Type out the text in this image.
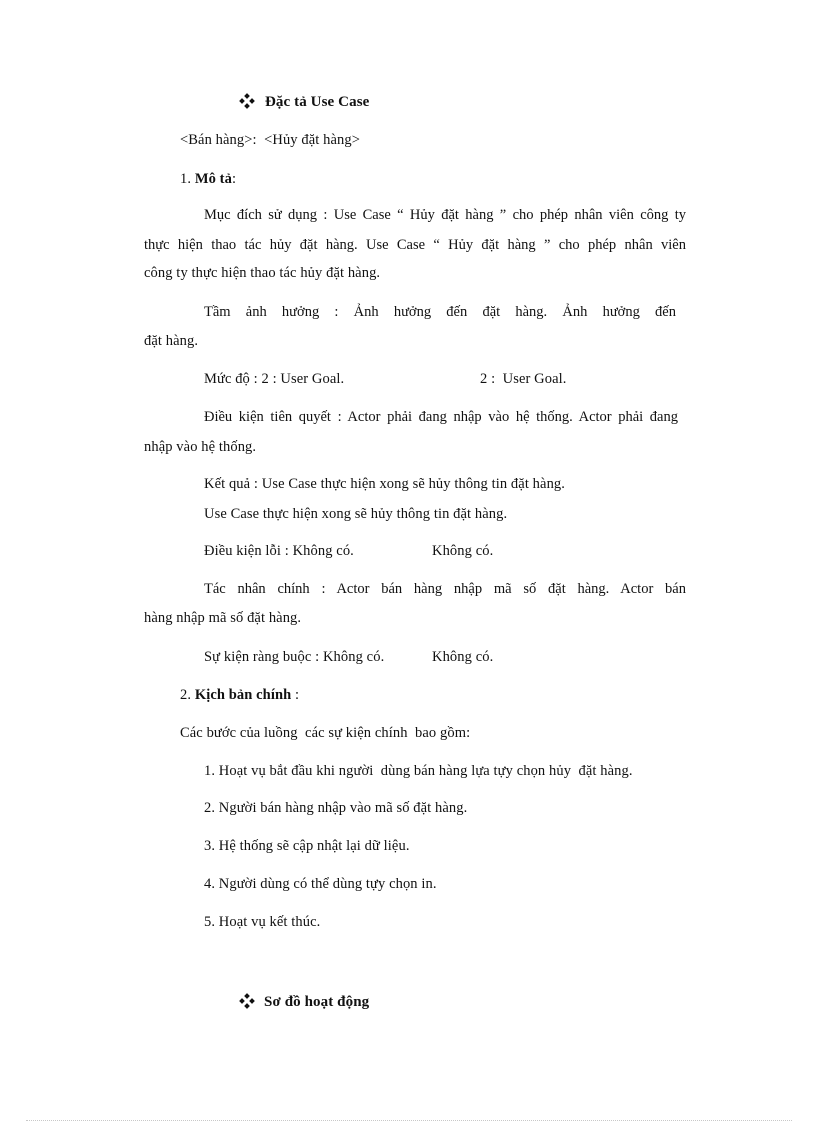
Đặc tả Use Case
<Bán hàng>:  <Hủy đặt hàng>
1. Mô tả:
Mục đích sử dụng : Use Case “ Hủy đặt hàng ” cho phép nhân viên công ty
thực hiện thao tác hủy đặt hàng. Use Case “ Hủy đặt hàng ” cho phép nhân viên
công ty thực hiện thao tác hủy đặt hàng.
Tầm ảnh hưởng : Ảnh hưởng đến đặt hàng. Ảnh hưởng đến
đặt hàng.
Mức độ : 2 : User Goal.	2 :  User Goal.
Điều kiện tiên quyết : Actor phải đang nhập vào hệ thống. Actor phải đang
nhập vào hệ thống.
Kết quả : Use Case thực hiện xong sẽ hủy thông tin đặt hàng.
Use Case thực hiện xong sẽ hủy thông tin đặt hàng.
Điều kiện lỗi : Không có.	Không có.
Tác nhân chính : Actor bán hàng nhập mã số đặt hàng. Actor bán
hàng nhập mã số đặt hàng.
Sự kiện ràng buộc : Không có.	Không có.
2. Kịch bản chính :
Các bước của luồng  các sự kiện chính  bao gồm:
1. Hoạt vụ bắt đầu khi người  dùng bán hàng lựa tựy chọn hủy  đặt hàng.
2. Người bán hàng nhập vào mã số đặt hàng.
3. Hệ thống sẽ cập nhật lại dữ liệu.
4. Người dùng có thể dùng tựy chọn in.
5. Hoạt vụ kết thúc.
Sơ đồ hoạt động
